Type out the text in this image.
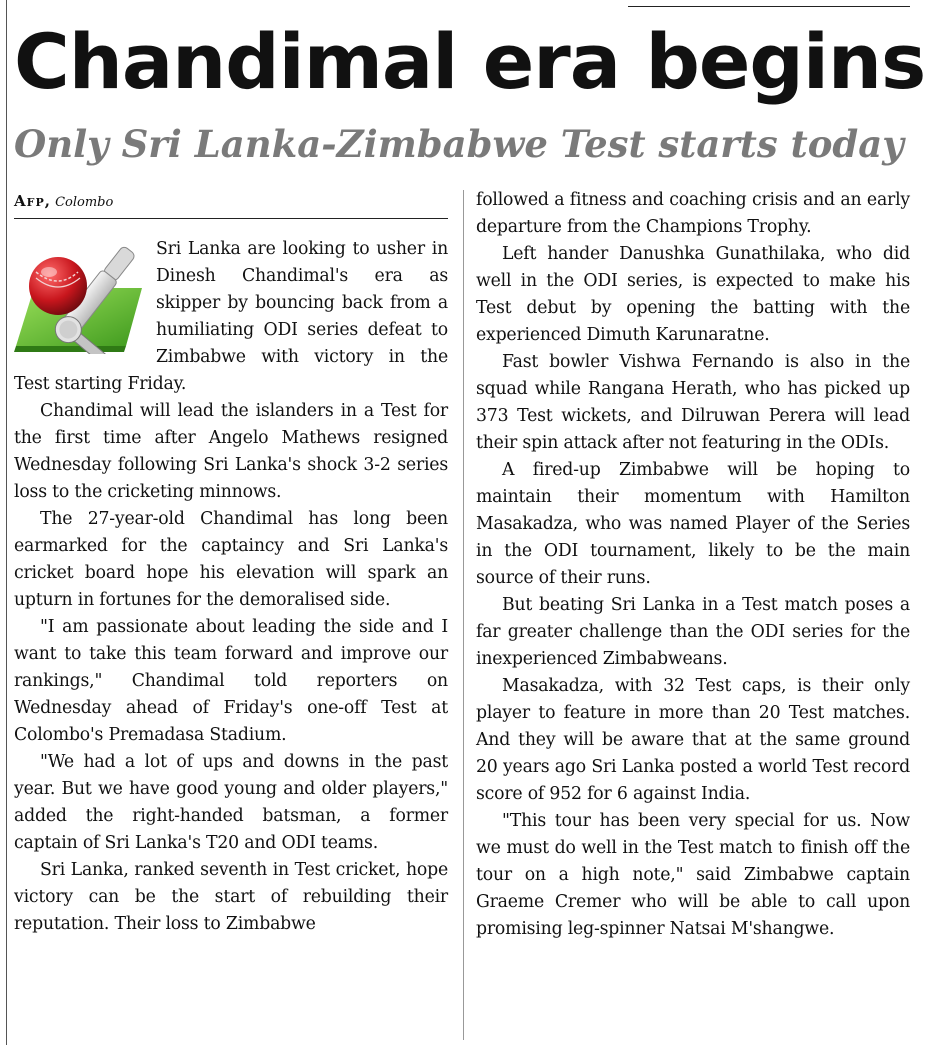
Chandimal era begins
Only Sri Lanka-Zimbabwe Test starts today
Afp, Colombo

Sri Lanka are looking to usher in Dinesh Chandimal's era as skipper by bouncing back from a humiliating ODI series defeat to Zimbabwe with victory in the Test starting Friday.

Chandimal will lead the islanders in a Test for the first time after Angelo Mathews resigned Wednesday following Sri Lanka's shock 3-2 series loss to the cricketing minnows.

The 27-year-old Chandimal has long been earmarked for the captaincy and Sri Lanka's cricket board hope his elevation will spark an upturn in fortunes for the demoralised side.

"I am passionate about leading the side and I want to take this team forward and improve our rankings," Chandimal told reporters on Wednesday ahead of Friday's one-off Test at Colombo's Premadasa Stadium.

"We had a lot of ups and downs in the past year. But we have good young and older players," added the right-handed batsman, a former captain of Sri Lanka's T20 and ODI teams.

Sri Lanka, ranked seventh in Test cricket, hope victory can be the start of rebuilding their reputation. Their loss to Zimbabwe

followed a fitness and coaching crisis and an early departure from the Champions Trophy.

Left hander Danushka Gunathilaka, who did well in the ODI series, is expected to make his Test debut by opening the batting with the experienced Dimuth Karunaratne.

Fast bowler Vishwa Fernando is also in the squad while Rangana Herath, who has picked up 373 Test wickets, and Dilruwan Perera will lead their spin attack after not featuring in the ODIs.

A fired-up Zimbabwe will be hoping to maintain their momentum with Hamilton Masakadza, who was named Player of the Series in the ODI tournament, likely to be the main source of their runs.

But beating Sri Lanka in a Test match poses a far greater challenge than the ODI series for the inexperienced Zimbabweans.

Masakadza, with 32 Test caps, is their only player to feature in more than 20 Test matches. And they will be aware that at the same ground 20 years ago Sri Lanka posted a world Test record score of 952 for 6 against India.

"This tour has been very special for us. Now we must do well in the Test match to finish off the tour on a high note," said Zimbabwe captain Graeme Cremer who will be able to call upon promising leg-spinner Natsai M'shangwe.
